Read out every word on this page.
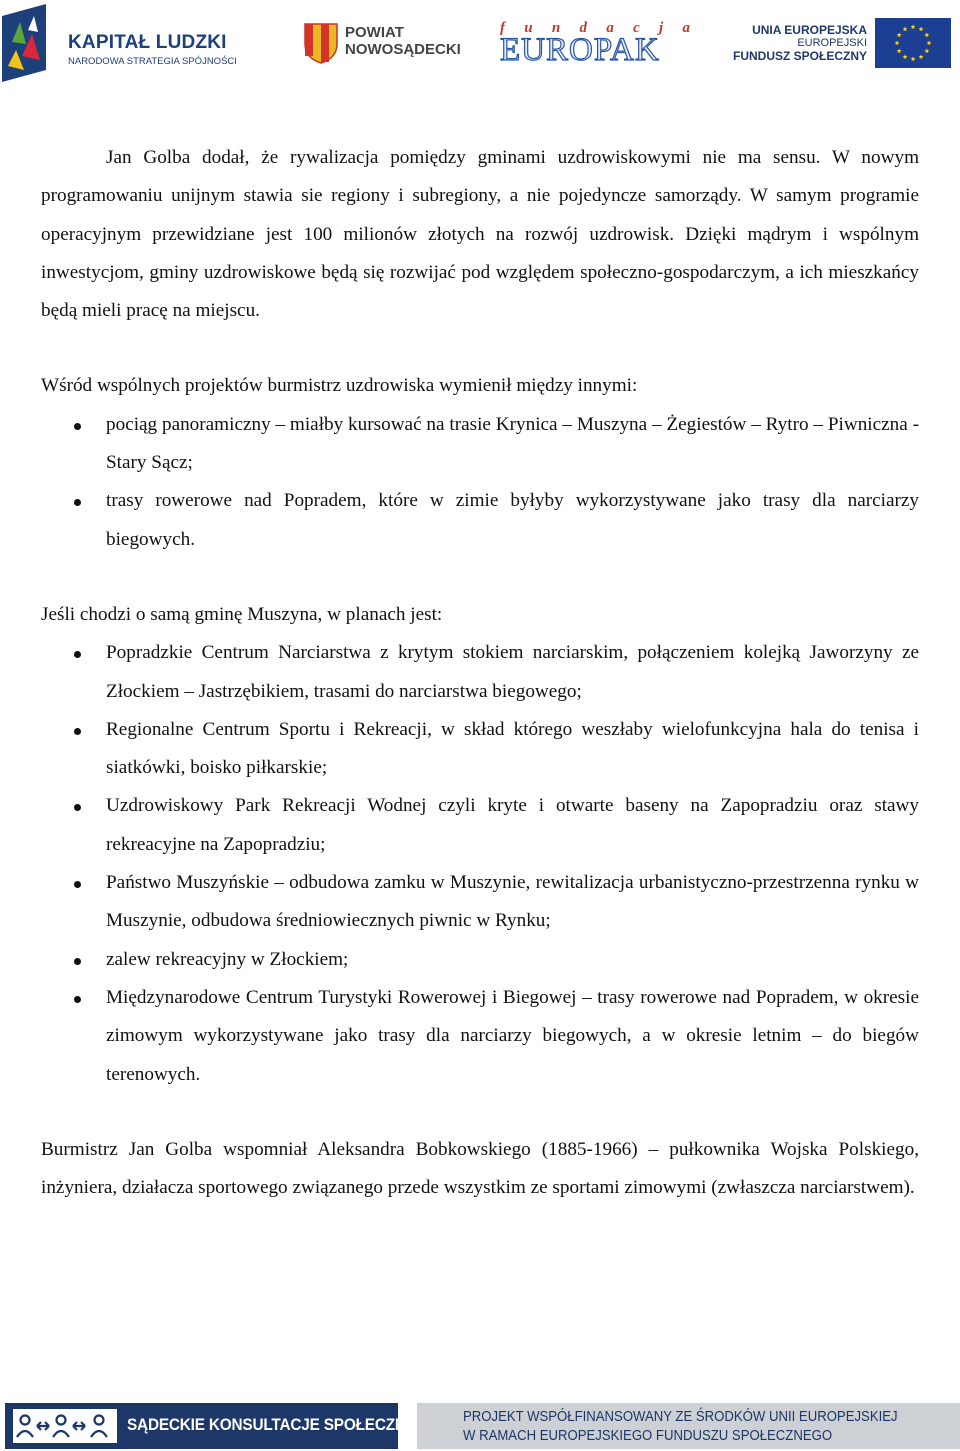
KAPITAŁ LUDZKI
NARODOWA STRATEGIA SPÓJNOŚCI
POWIAT
NOWOSĄDECKI
f u n d a c j a
EUROPAK
UNIA EUROPEJSKA
EUROPEJSKI
FUNDUSZ SPOŁECZNY

Jan Golba dodał, że rywalizacja pomiędzy gminami uzdrowiskowymi nie ma sensu. W nowym programowaniu unijnym stawia sie regiony i subregiony, a nie pojedyncze samorządy. W samym programie operacyjnym przewidziane jest 100 milionów złotych na rozwój uzdrowisk. Dzięki mądrym i wspólnym inwestycjom, gminy uzdrowiskowe będą się rozwijać pod względem społeczno-gospodarczym, a ich mieszkańcy będą mieli pracę na miejscu.

Wśród wspólnych projektów burmistrz uzdrowiska wymienił między innymi:

pociąg panoramiczny – miałby kursować na trasie Krynica – Muszyna – Żegiestów – Rytro – Piwniczna - Stary Sącz;
trasy rowerowe nad Popradem, które w zimie byłyby wykorzystywane jako trasy dla narciarzy biegowych.

Jeśli chodzi o samą gminę Muszyna, w planach jest:

Popradzkie Centrum Narciarstwa z krytym stokiem narciarskim, połączeniem kolejką Jaworzyny ze Złockiem – Jastrzębikiem, trasami do narciarstwa biegowego;
Regionalne Centrum Sportu i Rekreacji, w skład którego weszłaby wielofunkcyjna hala do tenisa i siatkówki, boisko piłkarskie;
Uzdrowiskowy Park Rekreacji Wodnej czyli kryte i otwarte baseny na Zapopradziu oraz stawy rekreacyjne na Zapopradziu;
Państwo Muszyńskie – odbudowa zamku w Muszynie, rewitalizacja urbanistyczno-przestrzenna rynku w Muszynie, odbudowa średniowiecznych piwnic w Rynku;
zalew rekreacyjny w Złockiem;
Międzynarodowe Centrum Turystyki Rowerowej i Biegowej – trasy rowerowe nad Popradem, w okresie zimowym wykorzystywane jako trasy dla narciarzy biegowych, a w okresie letnim – do biegów terenowych.

Burmistrz Jan Golba wspomniał Aleksandra Bobkowskiego (1885-1966) – pułkownika Wojska Polskiego, inżyniera, działacza sportowego związanego przede wszystkim ze sportami zimowymi (zwłaszcza narciarstwem).

SĄDECKIE KONSULTACJE SPOŁECZNE	PROJEKT WSPÓŁFINANSOWANY ZE ŚRODKÓW UNII EUROPEJSKIEJ
W RAMACH EUROPEJSKIEGO FUNDUSZU SPOŁECZNEGO
